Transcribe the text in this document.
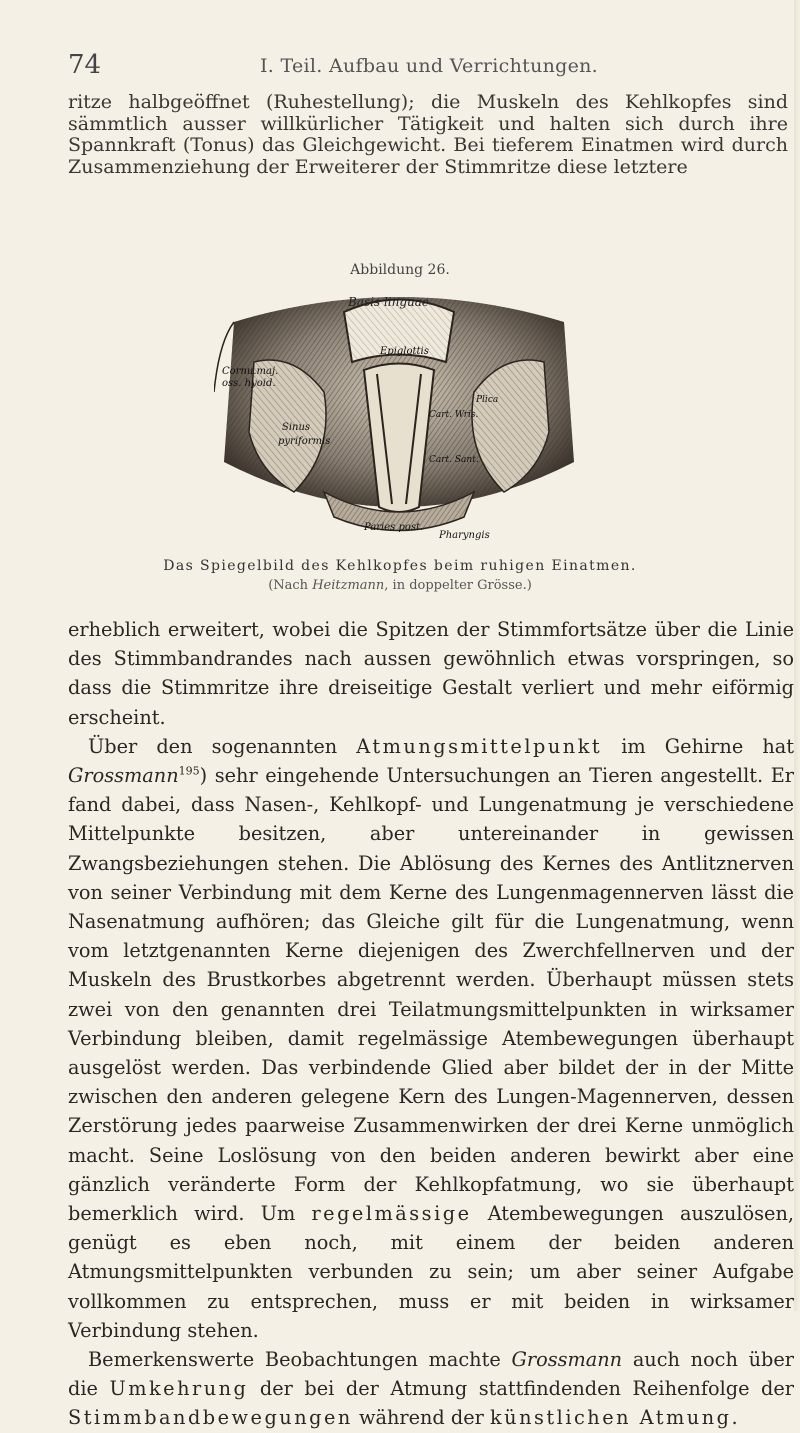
74	I. Teil. Aufbau und Verrichtungen.

ritze halbgeöffnet (Ruhestellung); die Muskeln des Kehlkopfes sind sämmtlich ausser willkürlicher Tätigkeit und halten sich durch ihre Spannkraft (Tonus) das Gleichgewicht. Bei tieferem Einatmen wird durch Zusammenziehung der Erweiterer der Stimmritze diese letztere

Abbildung 26.
Basis linguae
Epiglottis
Cornu.maj.
oss. hyoid.
Sinus
pyriformis
Cart. Wris.
Plica
Cart. Sant.
Paries post.
Pharyngis
Das Spiegelbild des Kehlkopfes beim ruhigen Einatmen.
(Nach Heitzmann, in doppelter Grösse.)

erheblich erweitert, wobei die Spitzen der Stimmfortsätze über die Linie des Stimmbandrandes nach aussen gewöhnlich etwas vorspringen, so dass die Stimmritze ihre dreiseitige Gestalt verliert und mehr eiförmig erscheint.

Über den sogenannten Atmungsmittelpunkt im Gehirne hat Grossmann$^{195}$) sehr eingehende Untersuchungen an Tieren angestellt. Er fand dabei, dass Nasen-, Kehlkopf- und Lungenatmung je verschiedene Mittelpunkte besitzen, aber untereinander in gewissen Zwangsbeziehungen stehen. Die Ablösung des Kernes des Antlitznerven von seiner Verbindung mit dem Kerne des Lungenmagennerven lässt die Nasenatmung aufhören; das Gleiche gilt für die Lungenatmung, wenn vom letztgenannten Kerne diejenigen des Zwerchfellnerven und der Muskeln des Brustkorbes abgetrennt werden. Überhaupt müssen stets zwei von den genannten drei Teilatmungsmittelpunkten in wirksamer Verbindung bleiben, damit regelmässige Atembewegungen überhaupt ausgelöst werden. Das verbindende Glied aber bildet der in der Mitte zwischen den anderen gelegene Kern des Lungen-Magennerven, dessen Zerstörung jedes paarweise Zusammenwirken der drei Kerne unmöglich macht. Seine Loslösung von den beiden anderen bewirkt aber eine gänzlich veränderte Form der Kehlkopfatmung, wo sie überhaupt bemerklich wird. Um regelmässige Atembewegungen auszulösen, genügt es eben noch, mit einem der beiden anderen Atmungsmittelpunkten verbunden zu sein; um aber seiner Aufgabe vollkommen zu entsprechen, muss er mit beiden in wirksamer Verbindung stehen.

Bemerkenswerte Beobachtungen machte Grossmann auch noch über die Umkehrung der bei der Atmung stattfindenden Reihenfolge der Stimmbandbewegungen während der künstlichen Atmung.
